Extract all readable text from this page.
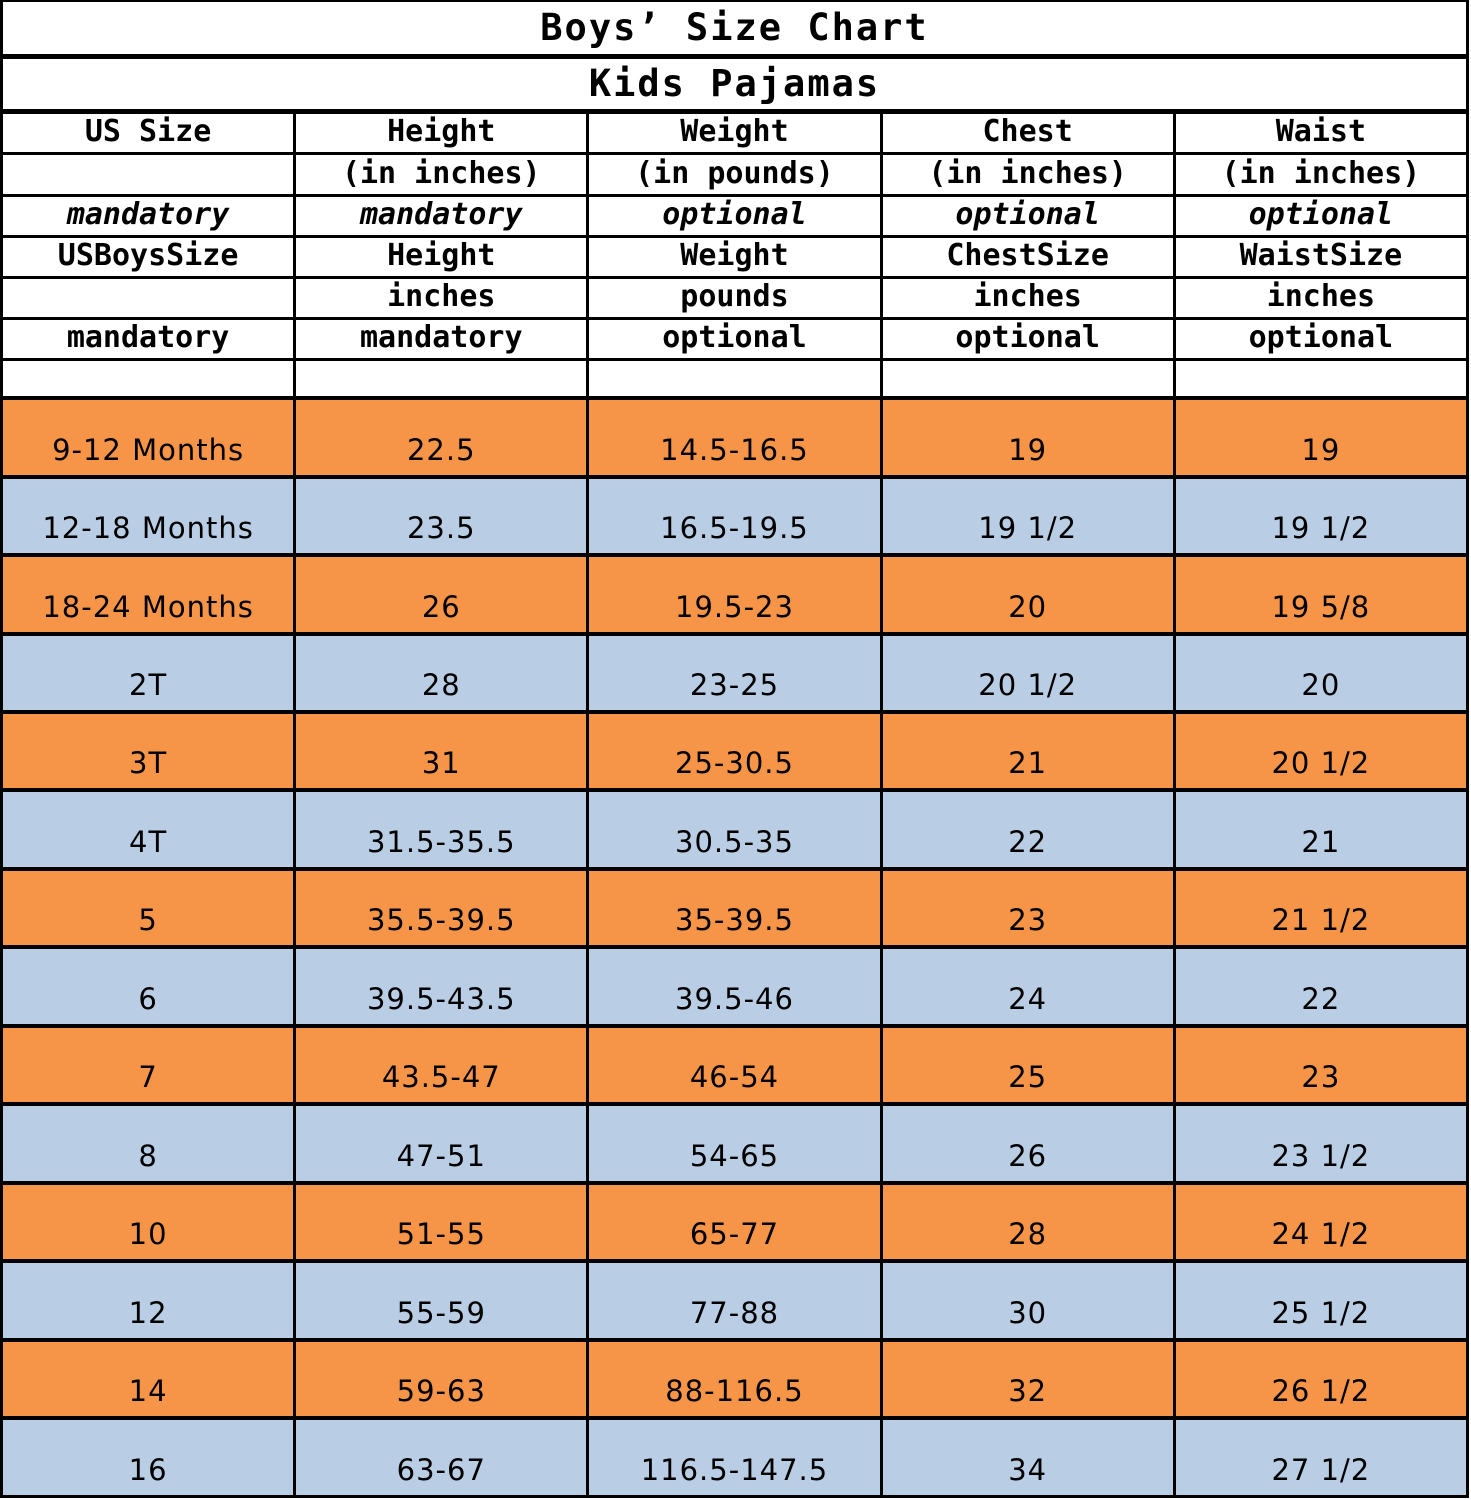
Boys’ Size Chart				
Kids Pajamas				
US Size	Height	Weight	Chest	Waist
	(in inches)	(in pounds)	(in inches)	(in inches)
mandatory	mandatory	optional	optional	optional
USBoysSize	Height	Weight	ChestSize	WaistSize
	inches	pounds	inches	inches
mandatory	mandatory	optional	optional	optional

9-12 Months	22.5	14.5-16.5	19	19
12-18 Months	23.5	16.5-19.5	19 1/2	19 1/2
18-24 Months	26	19.5-23	20	19 5/8
2T	28	23-25	20 1/2	20
3T	31	25-30.5	21	20 1/2
4T	31.5-35.5	30.5-35	22	21
5	35.5-39.5	35-39.5	23	21 1/2
6	39.5-43.5	39.5-46	24	22
7	43.5-47	46-54	25	23
8	47-51	54-65	26	23 1/2
10	51-55	65-77	28	24 1/2
12	55-59	77-88	30	25 1/2
14	59-63	88-116.5	32	26 1/2
16	63-67	116.5-147.5	34	27 1/2
